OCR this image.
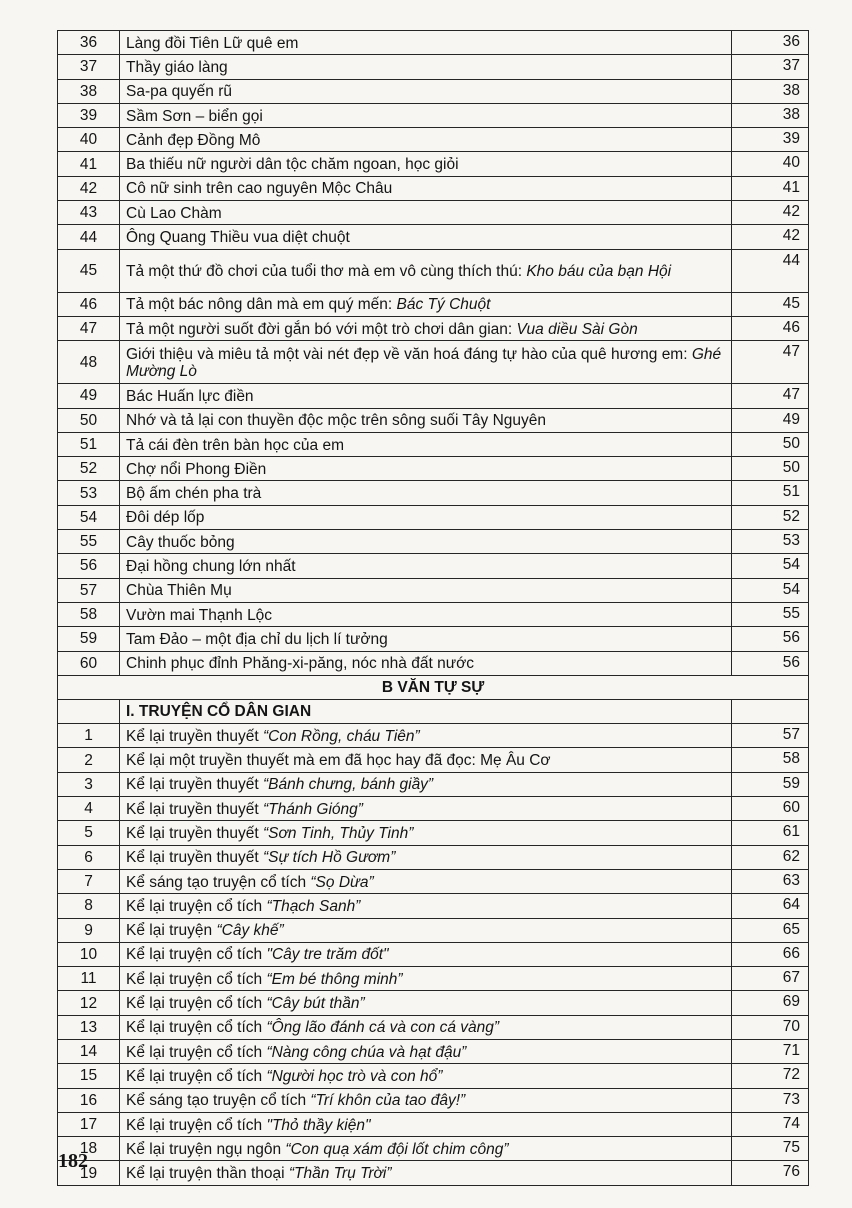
36	Làng đồi Tiên Lữ quê em	36
37	Thầy giáo làng	37
38	Sa-pa quyến rũ	38
39	Sầm Sơn – biển gọi	38
40	Cảnh đẹp Đồng Mô	39
41	Ba thiếu nữ người dân tộc chăm ngoan, học giỏi	40
42	Cô nữ sinh trên cao nguyên Mộc Châu	41
43	Cù Lao Chàm	42
44	Ông Quang Thiều vua diệt chuột	42
45	Tả một thứ đồ chơi của tuổi thơ mà em vô cùng thích thú: Kho báu của bạn Hội	44
46	Tả một bác nông dân mà em quý mến: Bác Tý Chuột	45
47	Tả một người suốt đời gắn bó với một trò chơi dân gian: Vua diều Sài Gòn	46
48	Giới thiệu và miêu tả một vài nét đẹp về văn hoá đáng tự hào của quê hương em: Ghé Mường Lò	47
49	Bác Huấn lực điền	47
50	Nhớ và tả lại con thuyền độc mộc trên sông suối Tây Nguyên	49
51	Tả cái đèn trên bàn học của em	50
52	Chợ nổi Phong Điền	50
53	Bộ ấm chén pha trà	51
54	Đôi dép lốp	52
55	Cây thuốc bỏng	53
56	Đại hồng chung lớn nhất	54
57	Chùa Thiên Mụ	54
58	Vườn mai Thạnh Lộc	55
59	Tam Đảo – một địa chỉ du lịch lí tưởng	56
60	Chinh phục đỉnh Phăng-xi-păng, nóc nhà đất nước	56
B VĂN TỰ SỰ		
	I. TRUYỆN CỔ DÂN GIAN	
1	Kể lại truyền thuyết “Con Rồng, cháu Tiên”	57
2	Kể lại một truyền thuyết mà em đã học hay đã đọc: Mẹ Âu Cơ	58
3	Kể lại truyền thuyết “Bánh chưng, bánh giầy”	59
4	Kể lại truyền thuyết “Thánh Gióng”	60
5	Kể lại truyền thuyết “Sơn Tinh, Thủy Tinh”	61
6	Kể lại truyền thuyết “Sự tích Hồ Gươm”	62
7	Kể sáng tạo truyện cổ tích “Sọ Dừa”	63
8	Kể lại truyện cổ tích “Thạch Sanh”	64
9	Kể lại truyện “Cây khế”	65
10	Kể lại truyện cổ tích "Cây tre trăm đốt"	66
11	Kể lại truyện cổ tích “Em bé thông minh”	67
12	Kể lại truyện cổ tích “Cây bút thần”	69
13	Kể lại truyện cổ tích “Ông lão đánh cá và con cá vàng”	70
14	Kể lại truyện cổ tích “Nàng công chúa và hạt đậu”	71
15	Kể lại truyện cổ tích “Người học trò và con hổ”	72
16	Kể sáng tạo truyện cổ tích “Trí khôn của tao đây!”	73
17	Kể lại truyện cổ tích "Thỏ thầy kiện"	74
18	Kể lại truyện ngụ ngôn “Con quạ xám đội lốt chim công”	75
19	Kể lại truyện thần thoại “Thần Trụ Trời”	76
182
